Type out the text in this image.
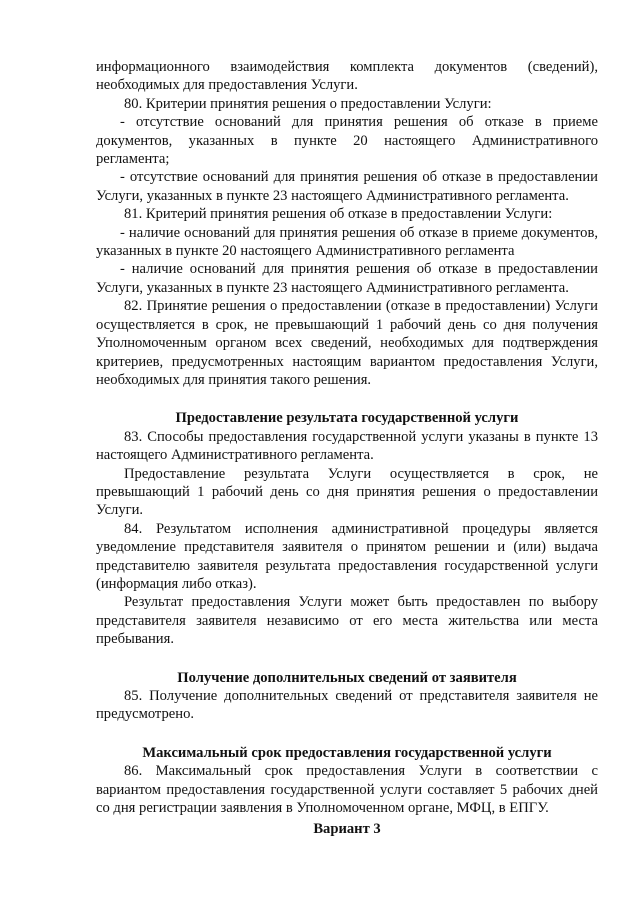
информационного взаимодействия комплекта документов (сведений), необходимых для предоставления Услуги.

80. Критерии принятия решения о предоставлении Услуги:

- отсутствие оснований для принятия решения об отказе в приеме документов, указанных в пункте 20 настоящего Административного регламента;

- отсутствие оснований для принятия решения об отказе в предоставлении Услуги, указанных в пункте 23 настоящего Административного регламента.

81. Критерий принятия решения об отказе в предоставлении Услуги:

- наличие оснований для принятия решения об отказе в приеме документов, указанных в пункте 20 настоящего Административного регламента

- наличие оснований для принятия решения об отказе в предоставлении Услуги, указанных в пункте 23 настоящего Административного регламента.

82. Принятие решения о предоставлении (отказе в предоставлении) Услуги осуществляется в срок, не превышающий 1 рабочий день со дня получения Уполномоченным органом всех сведений, необходимых для подтверждения критериев, предусмотренных настоящим вариантом предоставления Услуги, необходимых для принятия такого решения.

Предоставление результата государственной услуги

83. Способы предоставления государственной услуги указаны в пункте 13 настоящего Административного регламента.

Предоставление результата Услуги осуществляется в срок, не превышающий 1 рабочий день со дня принятия решения о предоставлении Услуги.

84. Результатом исполнения административной процедуры является уведомление представителя заявителя о принятом решении и (или) выдача представителю заявителя результата предоставления государственной услуги (информация либо отказ).

Результат предоставления Услуги может быть предоставлен по выбору представителя заявителя независимо от его места жительства или места пребывания.

Получение дополнительных сведений от заявителя

85. Получение дополнительных сведений от представителя заявителя не предусмотрено.

Максимальный срок предоставления государственной услуги

86. Максимальный срок предоставления Услуги в соответствии с вариантом предоставления государственной услуги составляет 5 рабочих дней со дня регистрации заявления в Уполномоченном органе, МФЦ, в ЕПГУ.

Вариант 3
